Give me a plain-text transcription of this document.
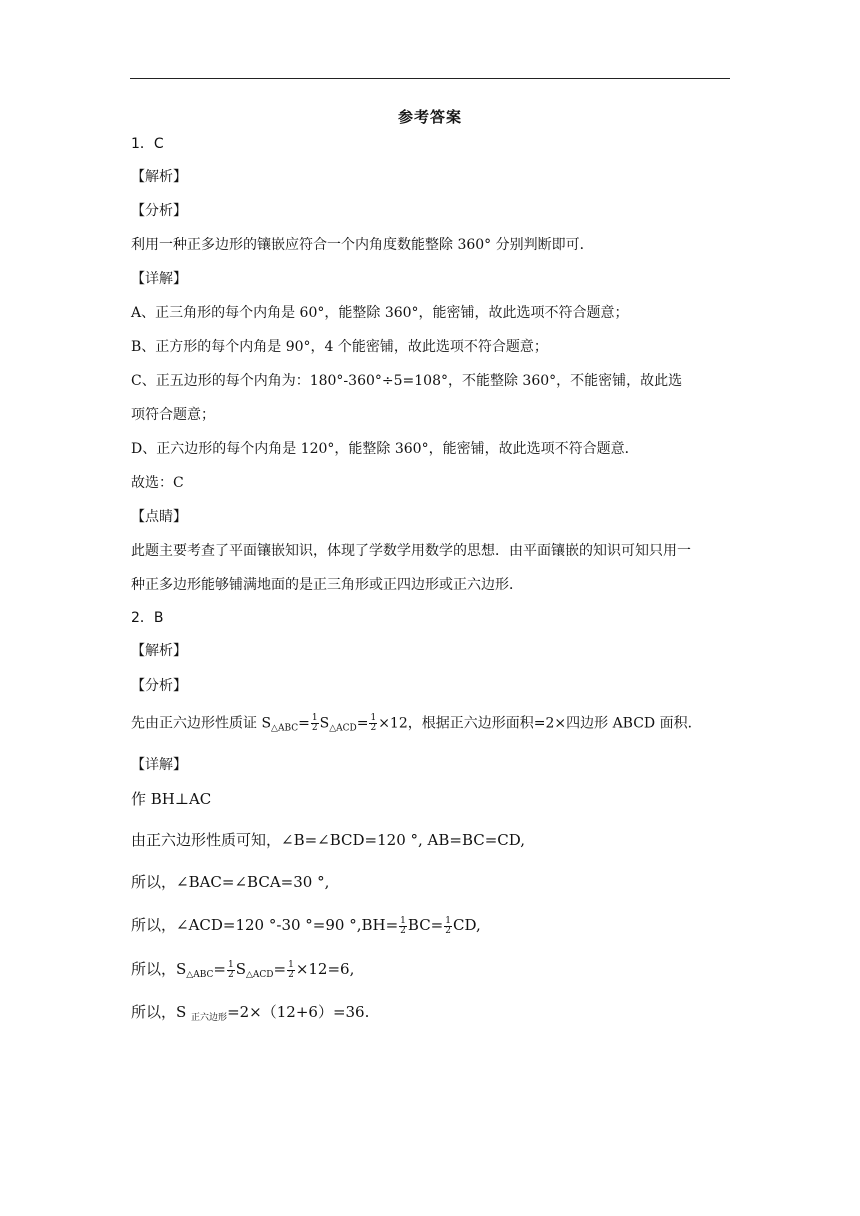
参考答案
1．C
【解析】
【分析】
利用一种正多边形的镶嵌应符合一个内角度数能整除 360° 分别判断即可．
【详解】
A、正三角形的每个内角是 60°，能整除 360°，能密铺，故此选项不符合题意；
B、正方形的每个内角是 90°，4 个能密铺，故此选项不符合题意；
C、正五边形的每个内角为：180°-360°÷5=108°，不能整除 360°，不能密铺，故此选
项符合题意；
D、正六边形的每个内角是 120°，能整除 360°，能密铺，故此选项不符合题意．
故选：C
【点睛】
此题主要考查了平面镶嵌知识，体现了学数学用数学的思想．由平面镶嵌的知识可知只用一
种正多边形能够铺满地面的是正三角形或正四边形或正六边形．
2．B
【解析】
【分析】
先由正六边形性质证 $S_{\triangle ABC}= \frac{1}{2} S_{\triangle ACD}= \frac{1}{2} \times 12$，根据正六边形面积=2×四边形 ABCD 面积．
【详解】
作 BH⊥AC
由正六边形性质可知，∠B=∠BCD=120 °, AB=BC=CD,
所以，∠BAC=∠BCA=30 °,
所以，∠ACD=120 °-30 °=90 $^\circ,BH= \frac{1}{2} BC= \frac{1}{2}$ CD,
所以，$S_{\triangle ABC}= \frac{1}{2} S_{\triangle ACD}= \frac{1}{2} \times 12=6$,
所以，S $_{正六边形}$=2×（12+6）=36.
